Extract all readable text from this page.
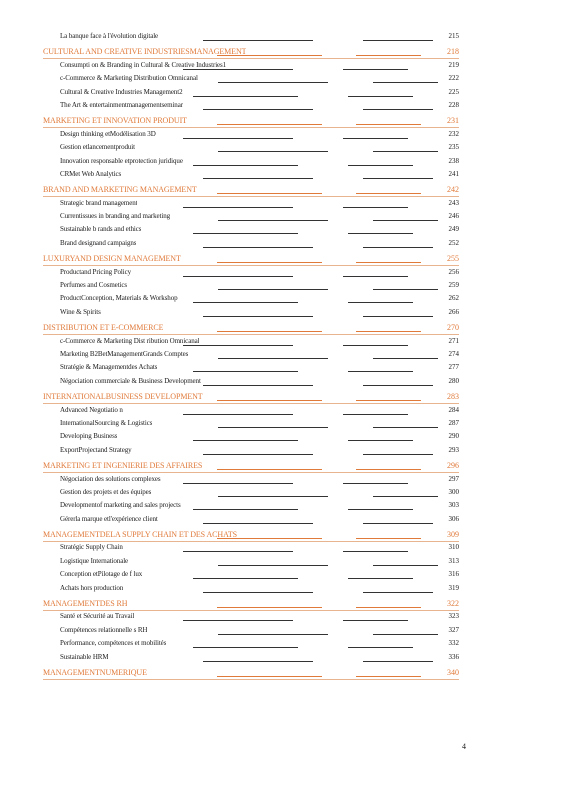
La banque face à l'évolution digitale	215
CULTURAL AND CREATIVE INDUSTRIESMANAGEMENT	218
Consumpti on & Branding in Cultural & Creative Industries1	219
c-Commerce & Marketing Distribution Omnicanal	222
Cultural & Creative Industries Management2	225
The Art & entertainmentmanagementseminar	228
MARKETING ET INNOVATION PRODUIT	231
Design thinking etModélisation 3D	232
Gestion etlancementproduit	235
Innovation responsable etprotection juridique	238
CRMet Web Analytics	241
BRAND AND MARKETING MANAGEMENT	242
Strategic brand management	243
Currentissues in branding and marketing	246
Sustainable b rands and ethics	249
Brand designand campaigns	252
LUXURYAND DESIGN MANAGEMENT	255
Productand Pricing Policy	256
Perfumes and Cosmetics	259
ProductConception, Materials & Workshop	262
Wine & Spirits	266
DISTRIBUTION ET E-COMMERCE	270
c-Commerce & Marketing Dist ribution Omnicanal	271
Marketing B2BetManagementGrands Comptes	274
Stratégie & Managementdes Achats	277
Négociation commerciale & Business Development	280
INTERNATIONALBUSINESS DEVELOPMENT	283
Advanced Negotiatio n	284
InternationalSourcing & Logistics	287
Developing Business	290
ExportProjectand Strategy	293
MARKETING ET INGENIERIE DES AFFAIRES	296
Négociation des solutions complexes	297
Gestion des projets et des équipes	300
Developmentof marketing and sales projects	303
Gérerla marque etl'expérience client	306
MANAGEMENTDELA SUPPLY CHAIN ET DES ACHATS	309
Stratégic Supply Chain	310
Logistique Internationale	313
Conception etPilotage de f lux	316
Achats hors production	319
MANAGEMENTDES RH	322
Santé et Sécurité au Travail	323
Compétences relationnelle s RH	327
Performance, compétences et mobilités	332
Sustainable HRM	336
MANAGEMENTNUMERIQUE	340
4
